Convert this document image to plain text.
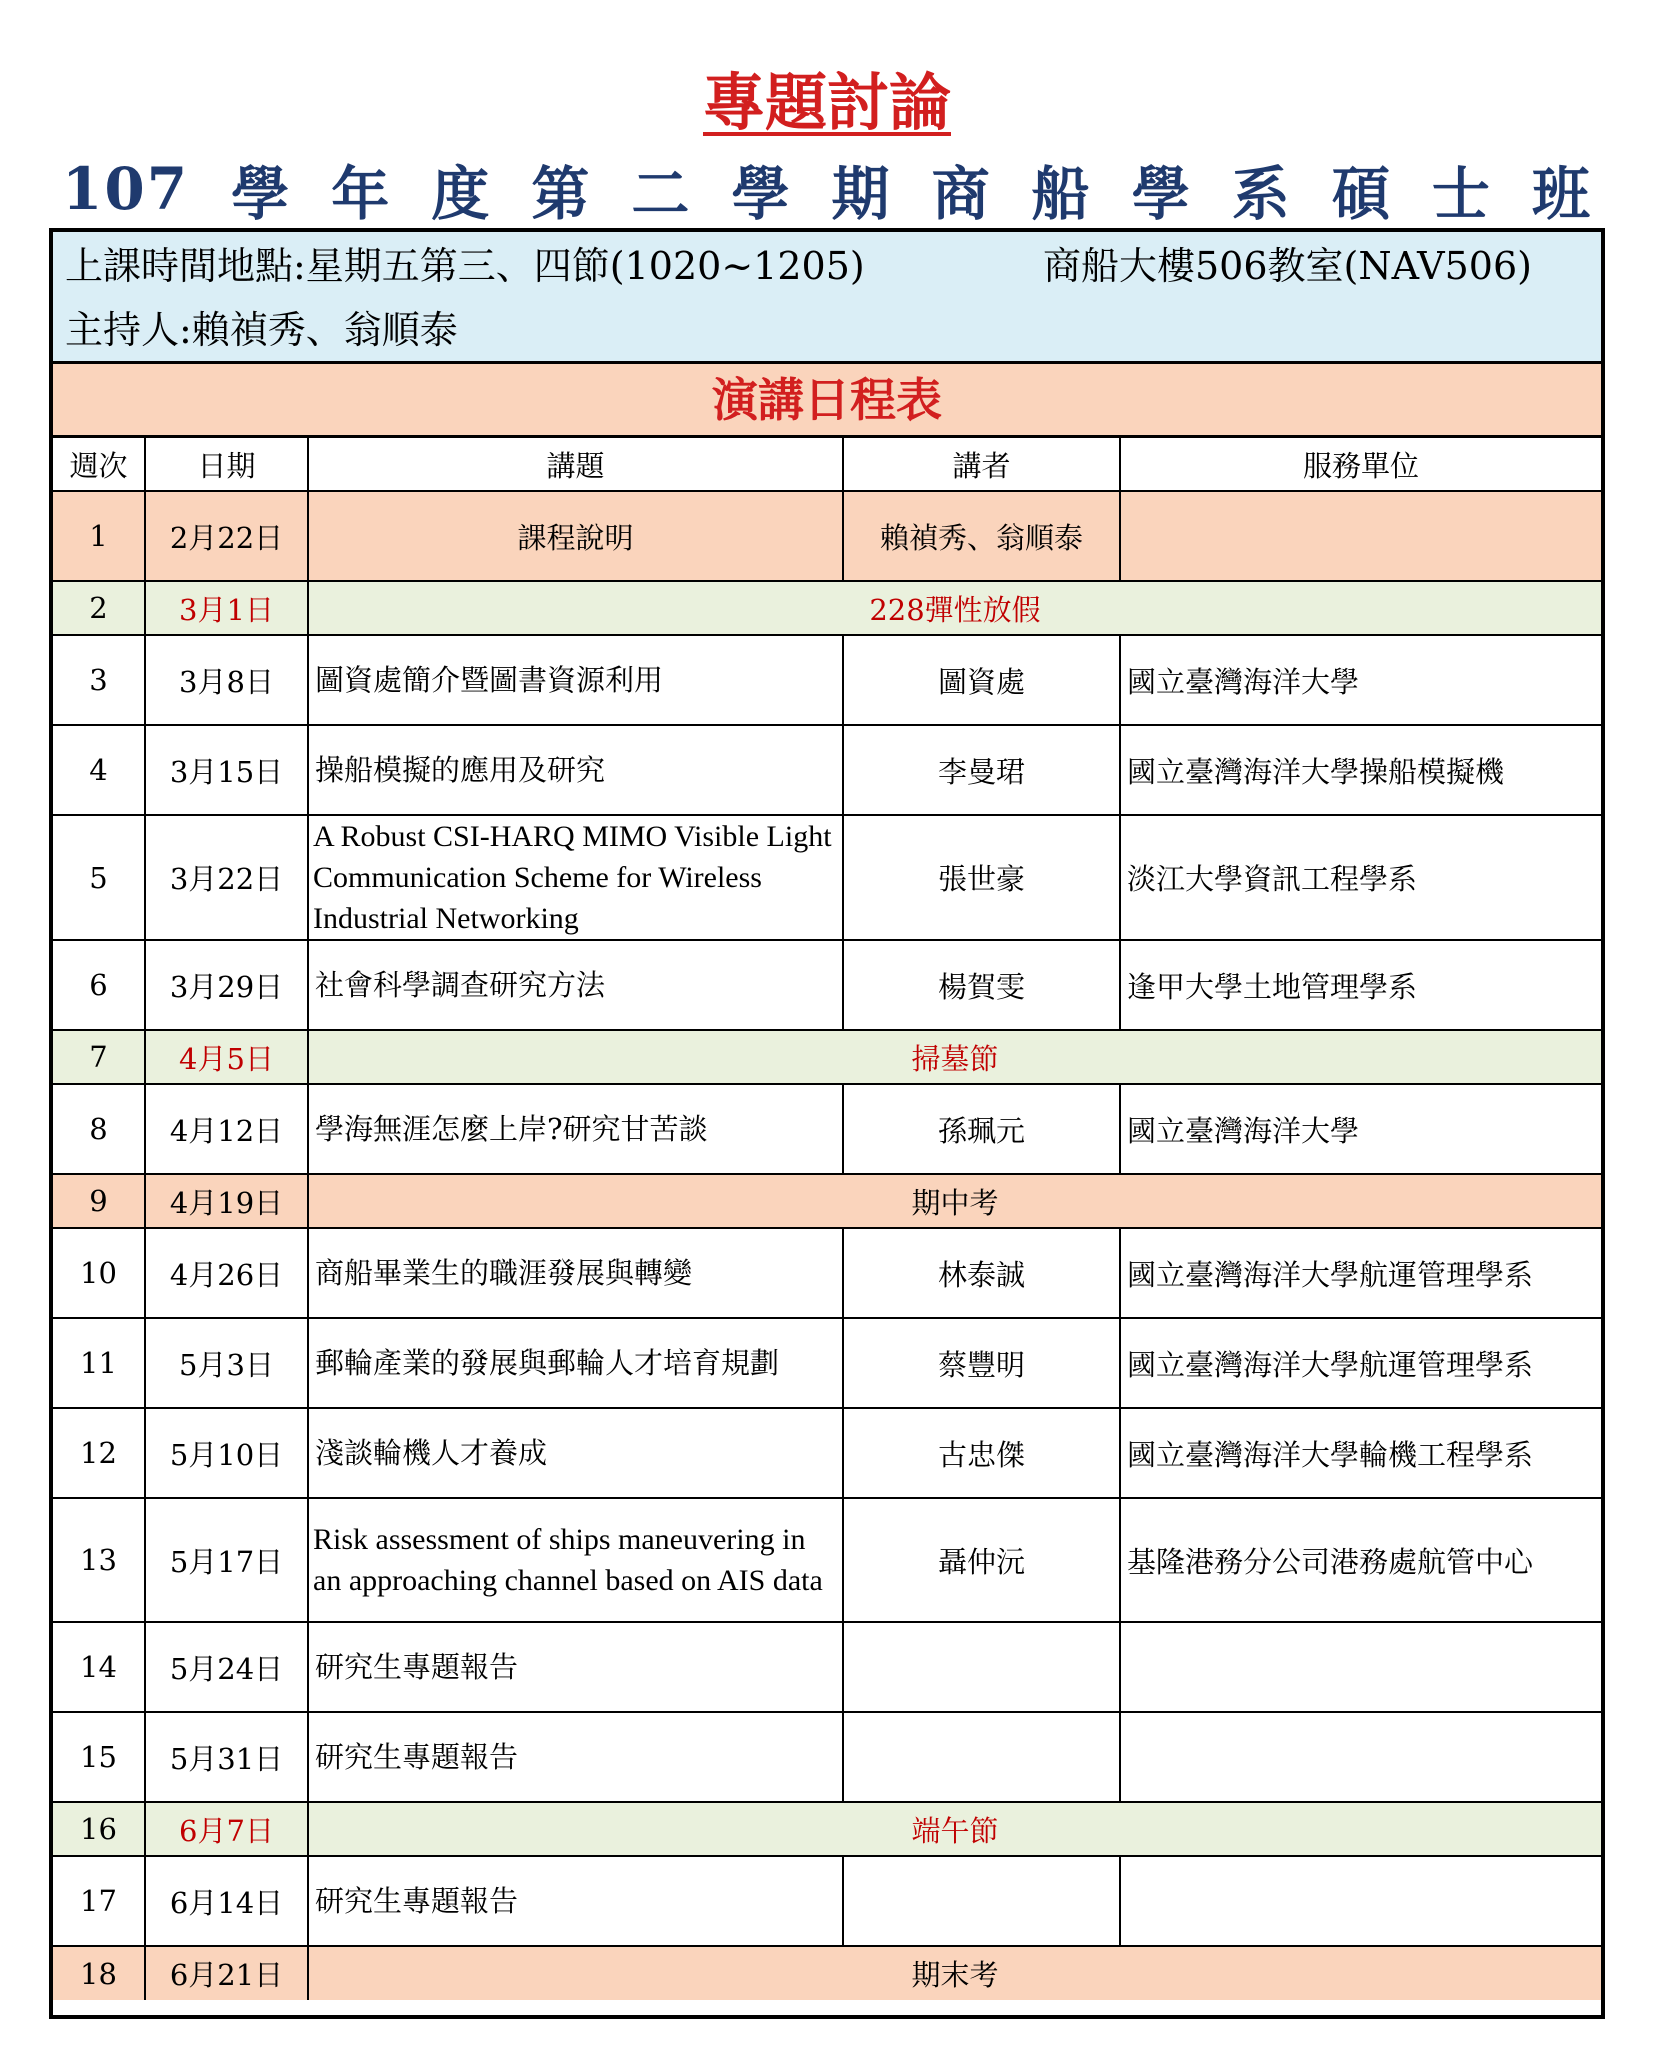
專題討論
107 學 年 度 第 二 學 期 商 船 學 系 碩 士 班
上課時間地點:星期五第三、四節(1020~1205)	商船大樓506教室(NAV506)
主持人:賴禎秀、翁順泰
演講日程表
週次	日期	講題	講者	服務單位
1	2月22日	課程說明	賴禎秀、翁順泰	
2	3月1日	228彈性放假		
3	3月8日	圖資處簡介暨圖書資源利用	圖資處	國立臺灣海洋大學
4	3月15日	操船模擬的應用及研究	李曼珺	國立臺灣海洋大學操船模擬機
5	3月22日	A Robust CSI-HARQ MIMO Visible Light Communication Scheme for Wireless Industrial Networking	張世豪	淡江大學資訊工程學系
6	3月29日	社會科學調查研究方法	楊賀雯	逢甲大學土地管理學系
7	4月5日	掃墓節		
8	4月12日	學海無涯怎麼上岸?研究甘苦談	孫珮元	國立臺灣海洋大學
9	4月19日	期中考		
10	4月26日	商船畢業生的職涯發展與轉變	林泰誠	國立臺灣海洋大學航運管理學系
11	5月3日	郵輪產業的發展與郵輪人才培育規劃	蔡豐明	國立臺灣海洋大學航運管理學系
12	5月10日	淺談輪機人才養成	古忠傑	國立臺灣海洋大學輪機工程學系
13	5月17日	Risk assessment of ships maneuvering in an approaching channel based on AIS data	聶仲沅	基隆港務分公司港務處航管中心
14	5月24日	研究生專題報告		
15	5月31日	研究生專題報告		
16	6月7日	端午節		
17	6月14日	研究生專題報告		
18	6月21日	期末考		
